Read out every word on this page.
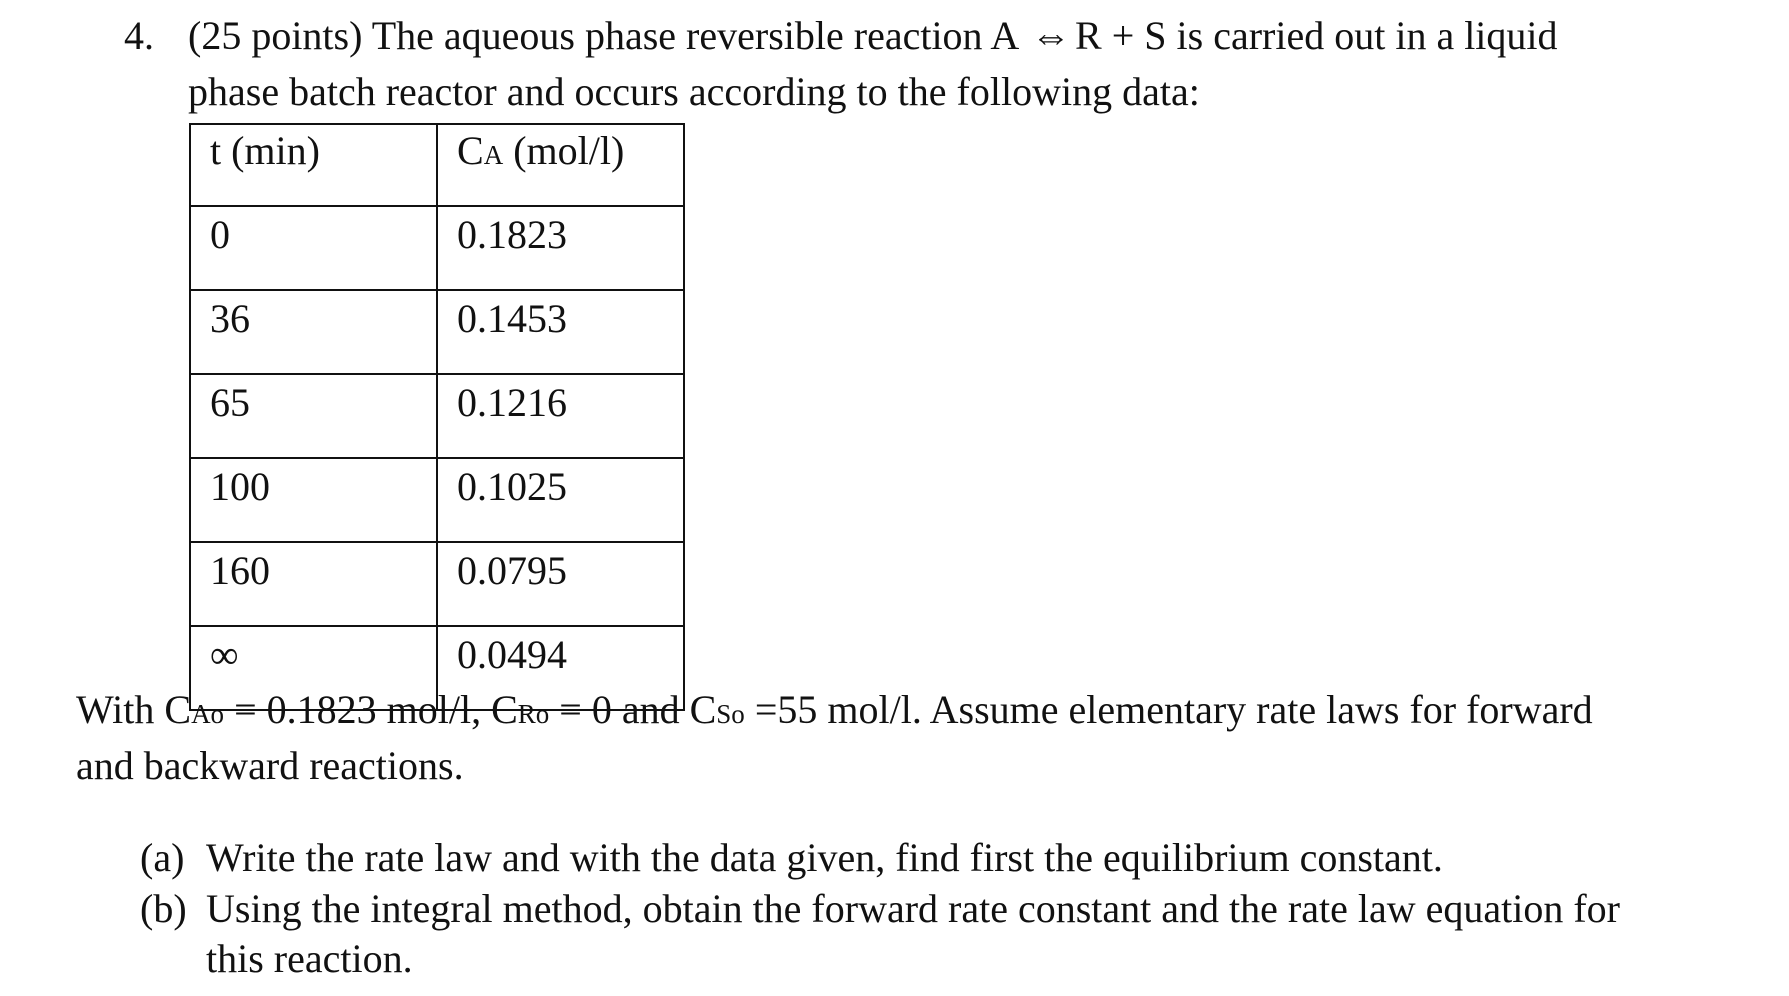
4. (25 points) The aqueous phase reversible reaction A ⇔ R + S is carried out in a liquid
phase batch reactor and occurs according to the following data:
t (min)	CA (mol/l)
0	0.1823
36	0.1453
65	0.1216
100	0.1025
160	0.0795
∞	0.0494
With CAo = 0.1823 mol/l, CRo = 0 and CSo =55 mol/l. Assume elementary rate laws for forward
and backward reactions.
(a) Write the rate law and with the data given, find first the equilibrium constant.
(b) Using the integral method, obtain the forward rate constant and the rate law equation for
this reaction.
